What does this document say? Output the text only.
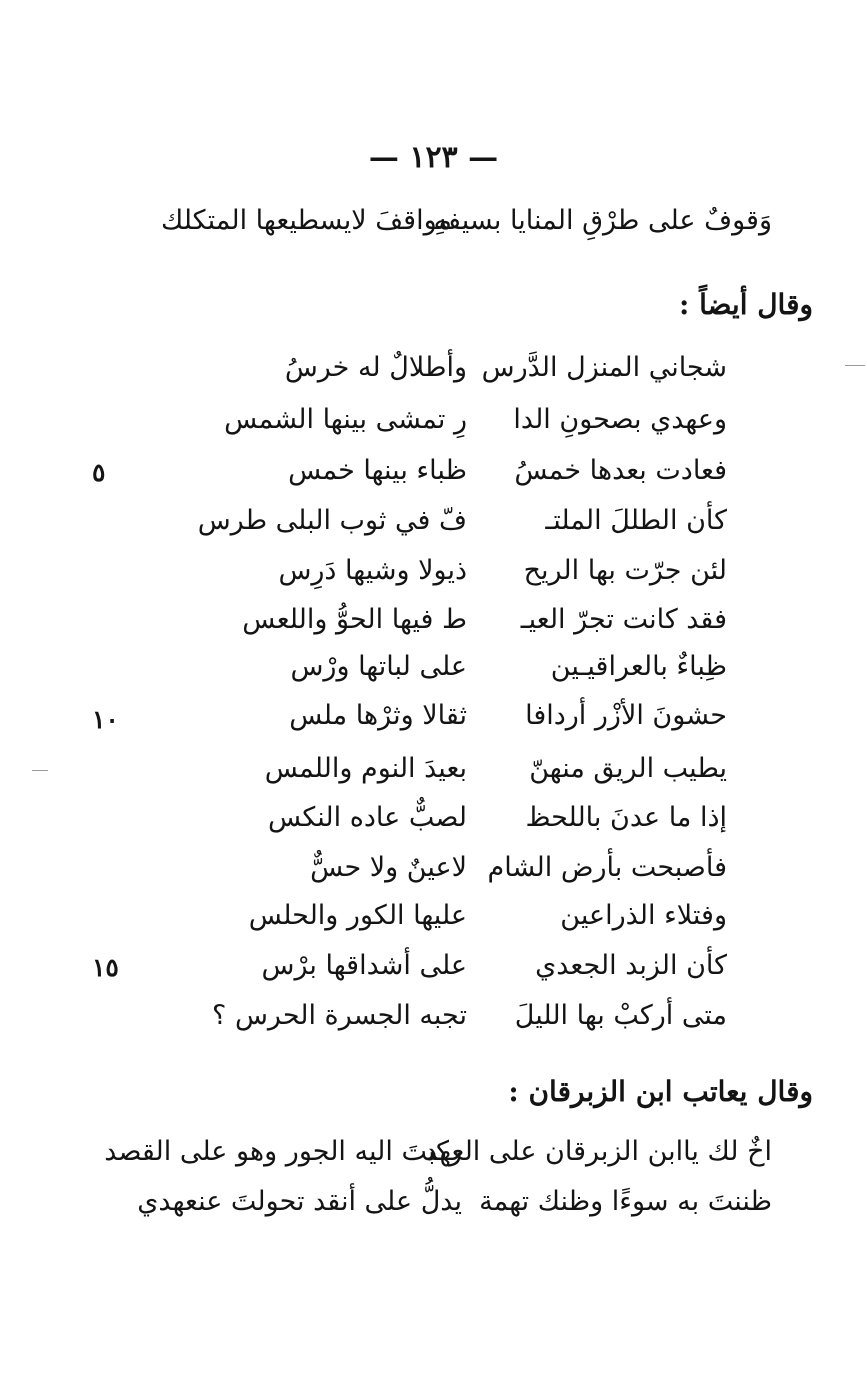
— ١٢٣ —
وَقوفٌ على طرْقِ المنايا بسيفهِ
مواقفَ لايسطيعها المتكلك
وقال أيضاً :
شجاني المنزل الدَّرس
وأطلالٌ له خرسُ
وعهدي بصحونِ الدا
رِ تمشى بينها الشمس
فعادت بعدها خمسُ
ظباء بينها خمس
كأن الطللَ الملتـ
فّ في ثوب البلى طرس
لئن جرّت بها الريح
ذيولا وشيها دَرِس
فقد كانت تجرّ العيـ
ط فيها الحوُّ واللعس
ظِباءٌ بالعراقيـين
على لباتها ورْس
حشونَ الأزْر أردافا
ثقالا وثرْها ملس
يطيب الريق منهنّ
بعيدَ النوم واللمس
إذا ما عدنَ باللحظ
لصبٌّ عاده النكس
فأصبحت بأرض الشام
لاعينٌ ولا حسٌّ
وفتلاء الذراعين
عليها الكور والحلس
كأن الزبد الجعدي
على أشداقها برْس
متى أركبْ بها الليلَ
تجبه الجسرة الحرس ؟
٥
١٠
١٥
وقال يعاتب ابن الزبرقان :
اخٌ لك ياابن الزبرقان على العهد
ركبتَ اليه الجور وهو على القصد
ظننتَ به سوءًا وظنك تهمة
يدلُّ على أنقد تحولتَ عنعهدي
